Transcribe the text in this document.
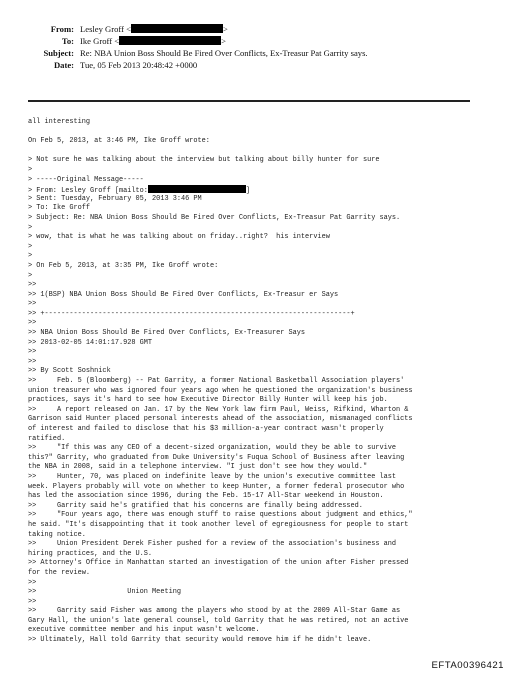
From: Lesley Groff <	>
To: Ike Groff <	>
Subject: Re: NBA Union Boss Should Be Fired Over Conflicts, Ex-Treasur Pat Garrity says.
Date: Tue, 05 Feb 2013 20:48:42 +0000
all interesting
On Feb 5, 2013, at 3:46 PM, Ike Groff wrote:
> Not sure he was talking about the interview but talking about billy hunter for sure
>
> -----Original Message-----
> From: Lesley Groff [mailto:	]
> Sent: Tuesday, February 05, 2013 3:46 PM
> To: Ike Groff
> Subject: Re: NBA Union Boss Should Be Fired Over Conflicts, Ex-Treasur Pat Garrity says.
>
> wow, that is what he was talking about on friday..right?  his interview
>
>
> On Feb 5, 2013, at 3:35 PM, Ike Groff wrote:
>
>>
>> 1(BSP) NBA Union Boss Should Be Fired Over Conflicts, Ex-Treasur er Says
>>
>> +--------------------------------------------------------------------------+
>>
>> NBA Union Boss Should Be Fired Over Conflicts, Ex-Treasurer Says
>> 2013-02-05 14:01:17.928 GMT
>>
>>
>> By Scott Soshnick
>>     Feb. 5 (Bloomberg) -- Pat Garrity, a former National Basketball Association players'
union treasurer who was ignored four years ago when he questioned the organization's business
practices, says it's hard to see how Executive Director Billy Hunter will keep his job.
>>     A report released on Jan. 17 by the New York law firm Paul, Weiss, Rifkind, Wharton &
Garrison said Hunter placed personal interests ahead of the association, mismanaged conflicts
of interest and failed to disclose that his $3 million-a-year contract wasn't properly
ratified.
>>     "If this was any CEO of a decent-sized organization, would they be able to survive
this?" Garrity, who graduated from Duke University's Fuqua School of Business after leaving
the NBA in 2008, said in a telephone interview. "I just don't see how they would."
>>     Hunter, 70, was placed on indefinite leave by the union's executive committee last
week. Players probably will vote on whether to keep Hunter, a former federal prosecutor who
has led the association since 1996, during the Feb. 15-17 All-Star weekend in Houston.
>>     Garrity said he's gratified that his concerns are finally being addressed.
>>     "Four years ago, there was enough stuff to raise questions about judgment and ethics,"
he said. "It's disappointing that it took another level of egregiousness for people to start
taking notice.
>>     Union President Derek Fisher pushed for a review of the association's business and
hiring practices, and the U.S.
>> Attorney's Office in Manhattan started an investigation of the union after Fisher pressed
for the review.
>>
>>                      Union Meeting
>>
>>     Garrity said Fisher was among the players who stood by at the 2009 All-Star Game as
Gary Hall, the union's late general counsel, told Garrity that he was retired, not an active
executive committee member and his input wasn't welcome.
>> Ultimately, Hall told Garrity that security would remove him if he didn't leave.
EFTA00396421
